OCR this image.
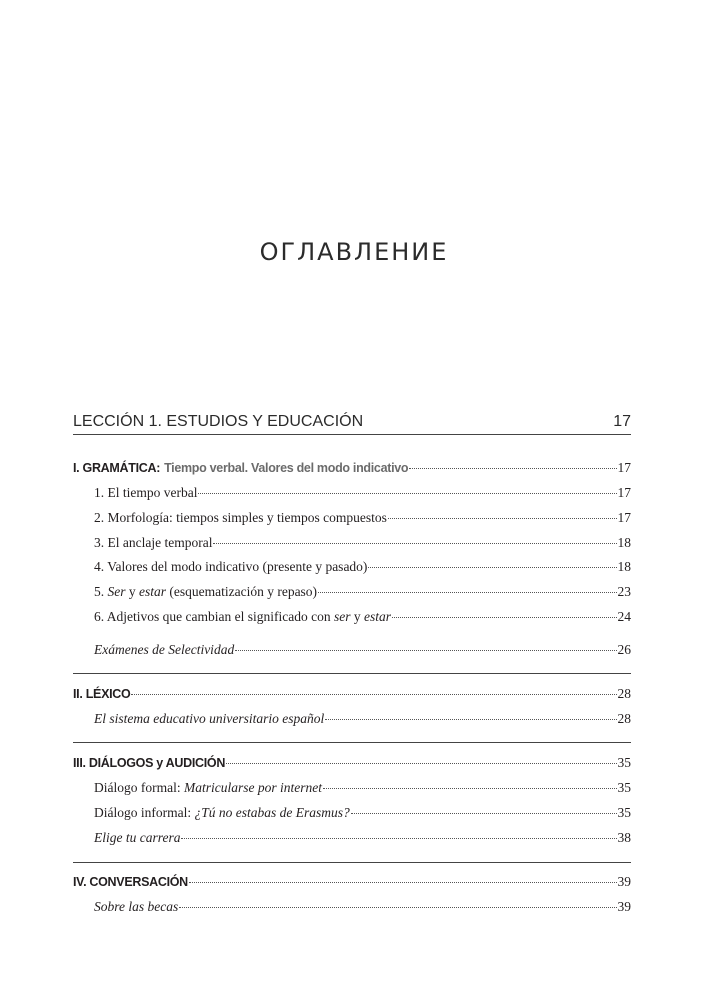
ОГЛАВЛЕНИЕ
LECCIÓN 1. ESTUDIOS Y EDUCACIÓN	17
I. GRAMÁTICA:
Tiempo verbal. Valores del modo indicativo	17
1. El tiempo verbal	17
2. Morfología: tiempos simples y tiempos compuestos	17
3. El anclaje temporal	18
4. Valores del modo indicativo (presente y pasado)	18
5. Ser y estar (esquematización y repaso)	23
6. Adjetivos que cambian el significado con ser y estar	24
Exámenes de Selectividad	26
II. LÉXICO	28
El sistema educativo universitario español	28
III. DIÁLOGOS y AUDICIÓN	35
Diálogo formal: Matricularse por internet	35
Diálogo informal: ¿Tú no estabas de Erasmus?	35
Elige tu carrera	38
IV. CONVERSACIÓN	39
Sobre las becas	39
